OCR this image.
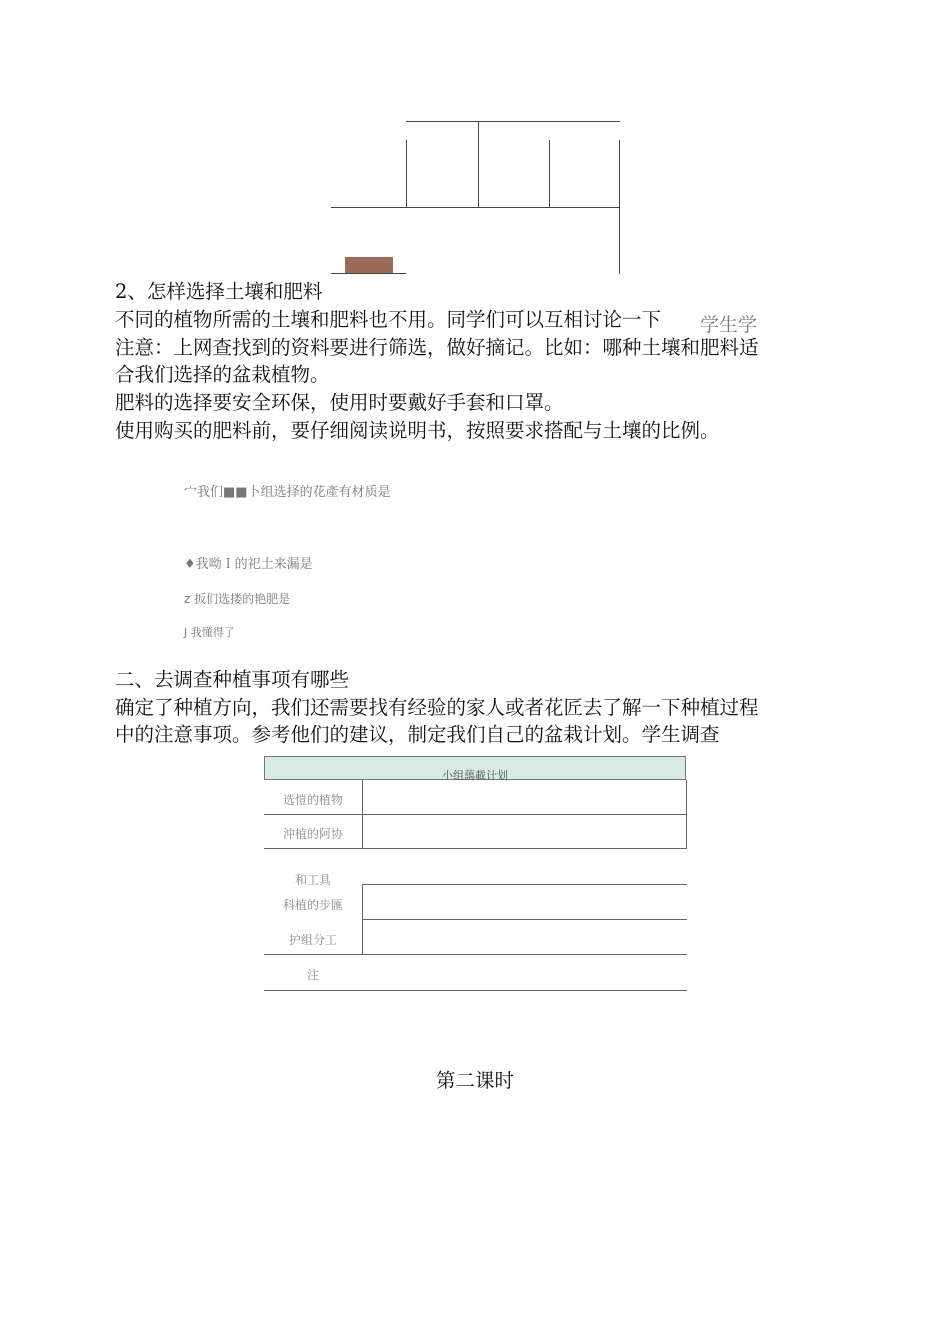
2、怎样选择土壤和肥料
不同的植物所需的土壤和肥料也不用。同学们可以互相讨论一下 学生学
注意：上网查找到的资料要进行筛选，做好摘记。比如：哪种土壤和肥料适
合我们选择的盆栽植物。
肥料的选择要安全环保，使用时要戴好手套和口罩。
使用购买的肥料前，要仔细阅读说明书，按照要求搭配与土壤的比例。
宀我们■■卜组选择的花產有材质是
♦我呦Ｉ的祀土来漏是
z 扳们选搂的艳肥是
J 我懂得了
二、去调查种植事项有哪些
确定了种植方向，我们还需要找有经验的家人或者花匠去了解一下种植过程
中的注意事项。参考他们的建议，制定我们自己的盆栽计划。学生调查
小组藹載计划
选愷的植物
沖植的阿协
和工具
科植的步匯
护组分工
注
第二课时
